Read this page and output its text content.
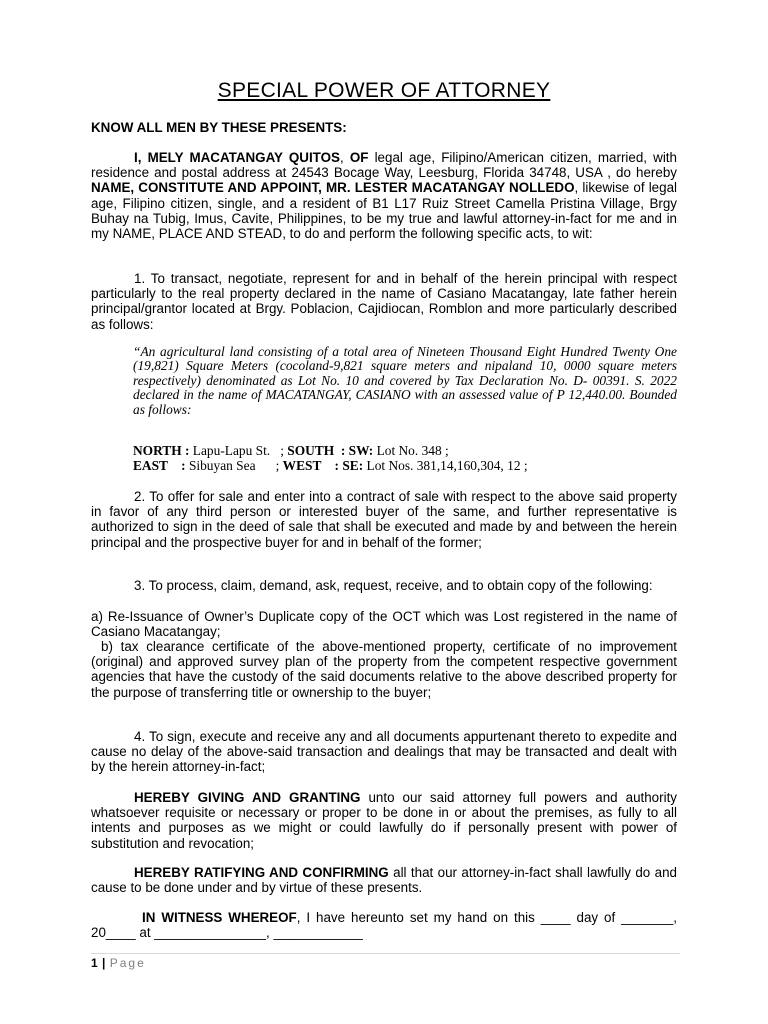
SPECIAL POWER OF ATTORNEY

KNOW ALL MEN BY THESE PRESENTS:

I, MELY MACATANGAY QUITOS, OF legal age, Filipino/American citizen, married, with residence and postal address at 24543 Bocage Way, Leesburg, Florida 34748, USA , do hereby NAME, CONSTITUTE AND APPOINT, MR. LESTER MACATANGAY NOLLEDO, likewise of legal age, Filipino citizen, single, and a resident of B1 L17 Ruiz Street Camella Pristina Village, Brgy Buhay na Tubig, Imus, Cavite, Philippines, to be my true and lawful attorney-in-fact for me and in my NAME, PLACE AND STEAD, to do and perform the following specific acts, to wit:

1. To transact, negotiate, represent for and in behalf of the herein principal with respect particularly to the real property declared in the name of Casiano Macatangay, late father herein principal/grantor located at Brgy. Poblacion, Cajidiocan, Romblon and more particularly described as follows:

“An agricultural land consisting of a total area of Nineteen Thousand Eight Hundred Twenty One (19,821) Square Meters (cocoland-9,821 square meters and nipaland 10, 0000 square meters respectively) denominated as Lot No. 10 and covered by Tax Declaration No. D- 00391. S. 2022 declared in the name of MACATANGAY, CASIANO with an assessed value of P 12,440.00. Bounded as follows:

NORTH : Lapu-Lapu St.   ; SOUTH  : SW: Lot No. 348 ;
EAST    : Sibuyan Sea      ; WEST    : SE: Lot Nos. 381,14,160,304, 12 ;

2. To offer for sale and enter into a contract of sale with respect to the above said property in favor of any third person or interested buyer of the same, and further representative is authorized to sign in the deed of sale that shall be executed and made by and between the herein principal and the prospective buyer for and in behalf of the former;

3. To process, claim, demand, ask, request, receive, and to obtain copy of the following:

a) Re-Issuance of Owner’s Duplicate copy of the OCT which was Lost registered in the name of Casiano Macatangay;

b) tax clearance certificate of the above-mentioned property, certificate of no improvement (original) and approved survey plan of the property from the competent respective government agencies that have the custody of the said documents relative to the above described property for the purpose of transferring title or ownership to the buyer;

4. To sign, execute and receive any and all documents appurtenant thereto to expedite and cause no delay of the above-said transaction and dealings that may be transacted and dealt with by the herein attorney-in-fact;

HEREBY GIVING AND GRANTING unto our said attorney full powers and authority whatsoever requisite or necessary or proper to be done in or about the premises, as fully to all intents and purposes as we might or could lawfully do if personally present with power of substitution and revocation;

HEREBY RATIFYING AND CONFIRMING all that our attorney-in-fact shall lawfully do and cause to be done under and by virtue of these presents.

IN WITNESS WHEREOF, I have hereunto set my hand on this ____ day of _______, 20____ at _______________, ____________

1 | Page
